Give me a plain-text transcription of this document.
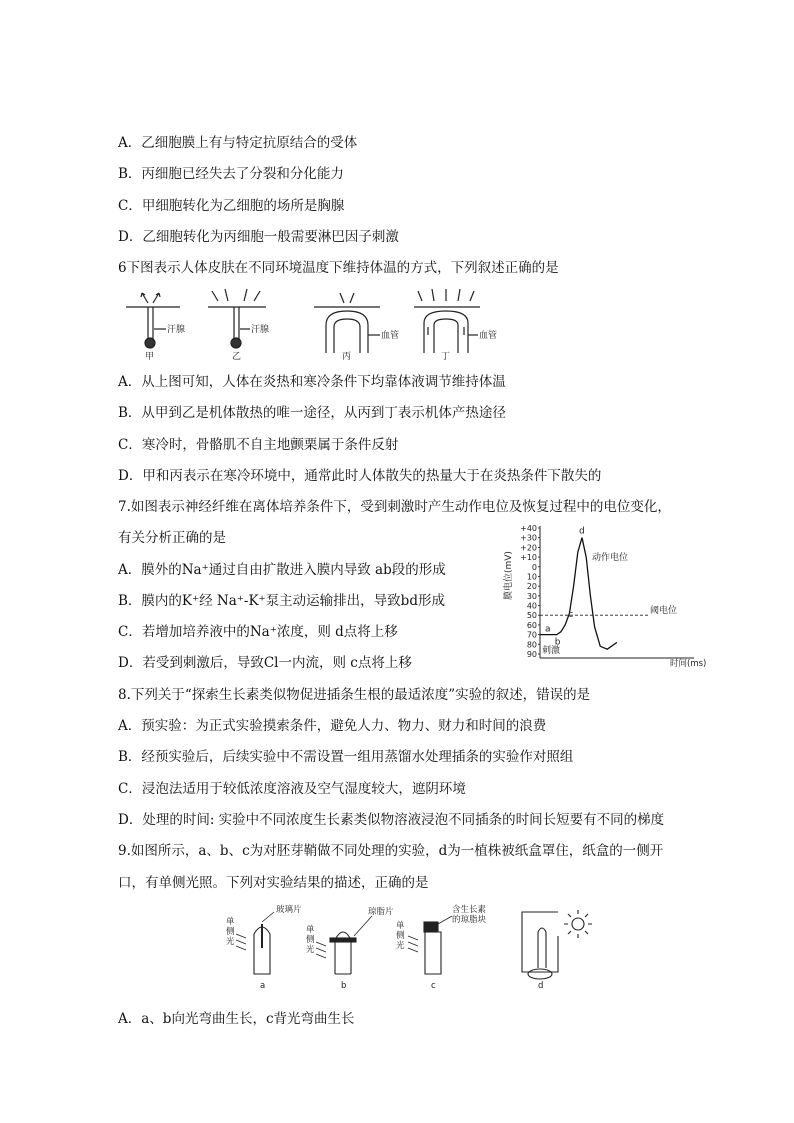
A．乙细胞膜上有与特定抗原结合的受体
B．丙细胞已经失去了分裂和分化能力
C．甲细胞转化为乙细胞的场所是胸腺
D．乙细胞转化为丙细胞一般需要淋巴因子刺激
6下图表示人体皮肤在不同环境温度下维持体温的方式，下列叙述正确的是
汗腺	汗腺
血管	血管
甲	乙	丙	丁
A．从上图可知，人体在炎热和寒冷条件下均靠体液调节维持体温
B．从甲到乙是机体散热的唯一途径，从丙到丁表示机体产热途径
C．寒冷时，骨骼肌不自主地颤栗属于条件反射
D．甲和丙表示在寒冷环境中，通常此时人体散失的热量大于在炎热条件下散失的
7.如图表示神经纤维在离体培养条件下，受到刺激时产生动作电位及恢复过程中的电位变化，
有关分析正确的是
A．膜外的Na⁺通过自由扩散进入膜内导致 ab段的形成
B．膜内的K⁺经 Na⁺-K⁺泵主动运输排出，导致bd形成
C．若增加培养液中的Na⁺浓度，则 d点将上移
D．若受到刺激后，导致Cl一内流，则 c点将上移
+40
+30
+20
+10
0
10
20
30
40
50
60
70
80
90
a
b
c
d
膜电位(mV)
时间(ms)
动作电位
阈电位
刺激
8.下列关于“探索生长素类似物促进插条生根的最适浓度”实验的叙述，错误的是
A．预实验：为正式实验摸索条件，避免人力、物力、财力和时间的浪费
B．经预实验后，后续实验中不需设置一组用蒸馏水处理插条的实验作对照组
C．浸泡法适用于较低浓度溶液及空气湿度较大，遮阴环境
D．处理的时间: 实验中不同浓度生长素类似物溶液浸泡不同插条的时间长短要有不同的梯度
9.如图所示，a、b、c为对胚芽鞘做不同处理的实验，d为一植株被纸盒罩住，纸盒的一侧开
口，有单侧光照。下列对实验结果的描述，正确的是
单
侧
光
玻璃片
单
侧
光
琼脂片
单
侧
光
含生长素
的琼脂块
a	b	c	d
A．a、b向光弯曲生长，c背光弯曲生长
